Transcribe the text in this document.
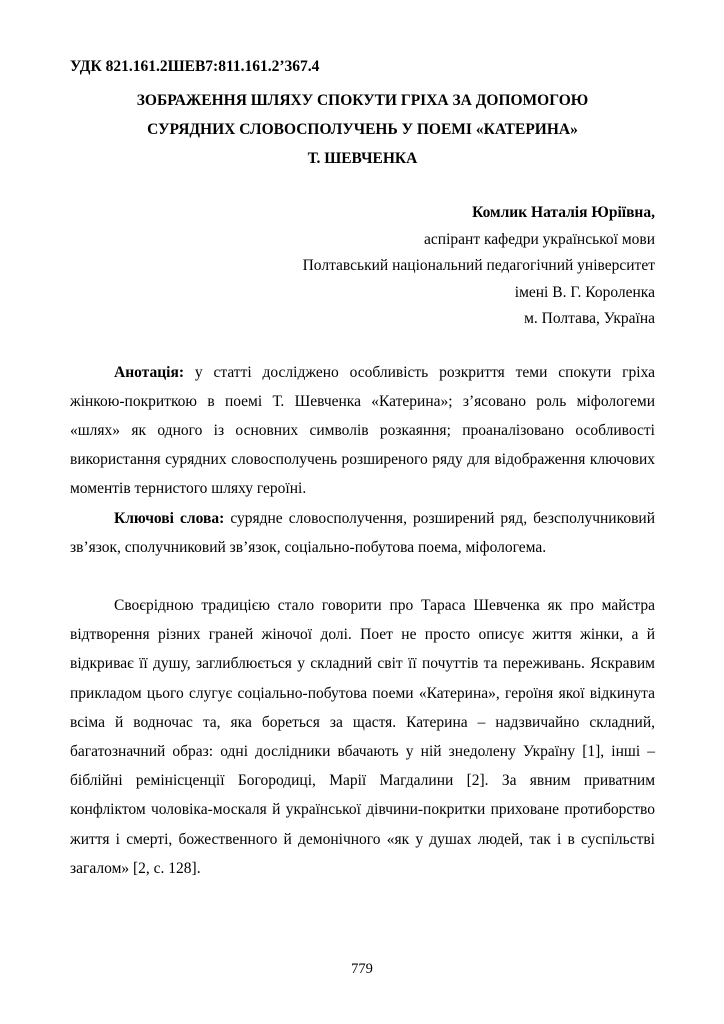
УДК 821.161.2ШЕВ7:811.161.2’367.4
ЗОБРАЖЕННЯ ШЛЯХУ СПОКУТИ ГРІХА ЗА ДОПОМОГОЮ
СУРЯДНИХ СЛОВОСПОЛУЧЕНЬ У ПОЕМІ «КАТЕРИНА»
Т. ШЕВЧЕНКА
Комлик Наталія Юріївна,
аспірант кафедри української мови
Полтавський національний педагогічний університет
імені В. Г. Короленка
м. Полтава, Україна

Анотація: у статті досліджено особливість розкриття теми спокути гріха жінкою-покриткою в поемі Т. Шевченка «Катерина»; з’ясовано роль міфологеми «шлях» як одного із основних символів розкаяння; проаналізовано особливості використання сурядних словосполучень розширеного ряду для відображення ключових моментів тернистого шляху героїні.

Ключові слова: сурядне словосполучення, розширений ряд, безсполучниковий зв’язок, сполучниковий зв’язок, соціально-побутова поема, міфологема.

Своєрідною традицією стало говорити про Тараса Шевченка як про майстра відтворення різних граней жіночої долі. Поет не просто описує життя жінки, а й відкриває її душу, заглиблюється у складний світ її почуттів та переживань. Яскравим прикладом цього слугує соціально-побутова поеми «Катерина», героїня якої відкинута всіма й водночас та, яка бореться за щастя. Катерина – надзвичайно складний, багатозначний образ: одні дослідники вбачають у ній знедолену Україну [1], інші – біблійні ремінісценції Богородиці, Марії Магдалини [2]. За явним приватним конфліктом чоловіка-москаля й української дівчини-покритки приховане протиборство життя і смерті, божественного й демонічного «як у душах людей, так і в суспільстві загалом» [2, с. 128].

779
